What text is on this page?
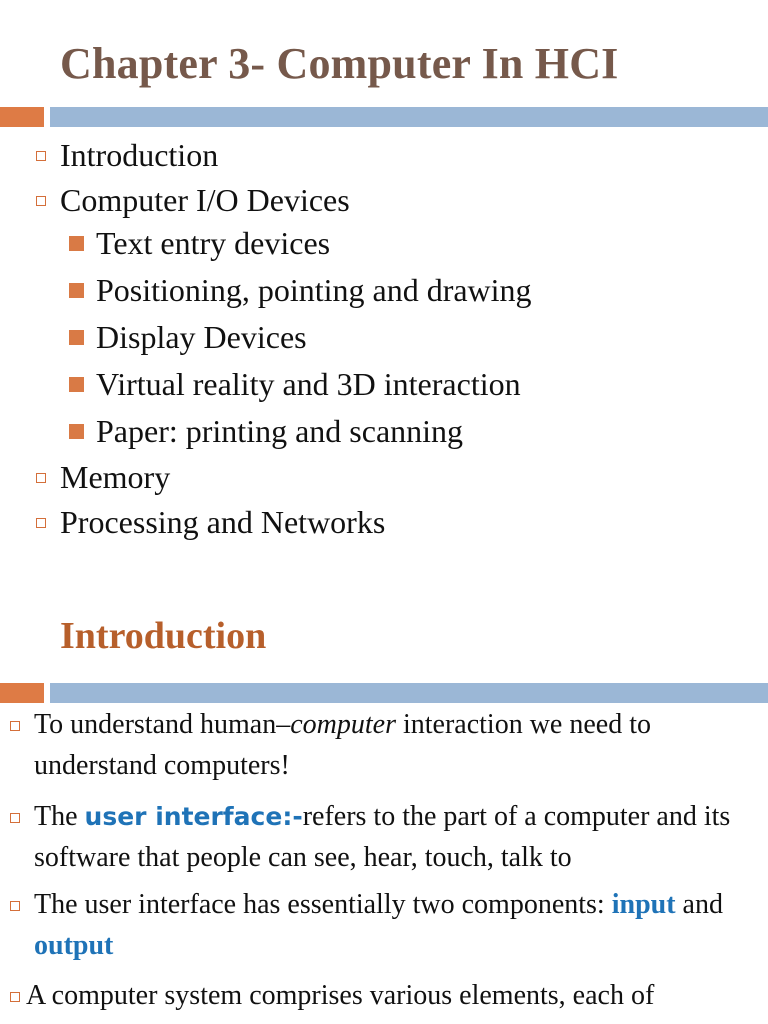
Chapter 3- Computer In HCI
Introduction
Computer I/O Devices
Text entry devices
Positioning, pointing and drawing
Display Devices
Virtual reality and 3D interaction
Paper: printing and scanning
Memory
Processing and Networks
Introduction
To understand human–computer interaction we need to understand computers!
The user interface:-refers to the part of a computer and its software that people can see, hear, touch, talk to
The user interface has essentially two components: input and output
A computer system comprises various elements, each of
